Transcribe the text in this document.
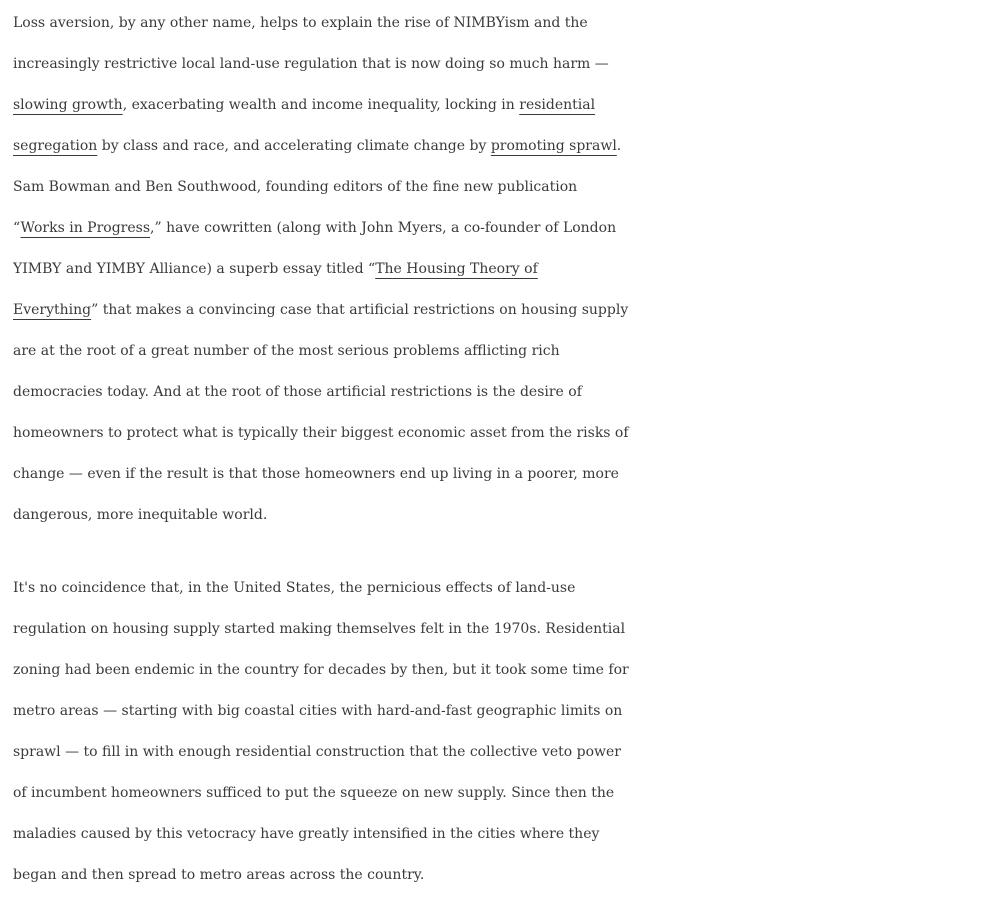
Loss aversion, by any other name, helps to explain the rise of NIMBYism and the
increasingly restrictive local land-use regulation that is now doing so much harm —
slowing growth, exacerbating wealth and income inequality, locking in residential
segregation by class and race, and accelerating climate change by promoting sprawl.
Sam Bowman and Ben Southwood, founding editors of the fine new publication
“Works in Progress,” have cowritten (along with John Myers, a co-founder of London
YIMBY and YIMBY Alliance) a superb essay titled “The Housing Theory of
Everything” that makes a convincing case that artificial restrictions on housing supply
are at the root of a great number of the most serious problems afflicting rich
democracies today. And at the root of those artificial restrictions is the desire of
homeowners to protect what is typically their biggest economic asset from the risks of
change — even if the result is that those homeowners end up living in a poorer, more
dangerous, more inequitable world.

It's no coincidence that, in the United States, the pernicious effects of land-use
regulation on housing supply started making themselves felt in the 1970s. Residential
zoning had been endemic in the country for decades by then, but it took some time for
metro areas — starting with big coastal cities with hard-and-fast geographic limits on
sprawl — to fill in with enough residential construction that the collective veto power
of incumbent homeowners sufficed to put the squeeze on new supply. Since then the
maladies caused by this vetocracy have greatly intensified in the cities where they
began and then spread to metro areas across the country.
